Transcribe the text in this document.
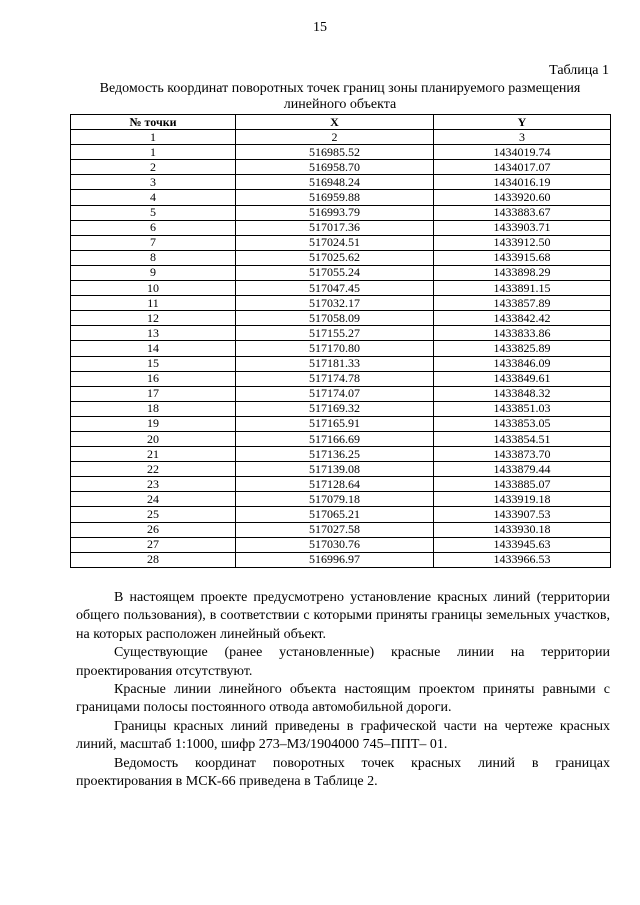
15
Таблица 1
Ведомость координат поворотных точек границ зоны планируемого размещения линейного объекта
№ точки	X	Y
1	2	3
1	516985.52	1434019.74
2	516958.70	1434017.07
3	516948.24	1434016.19
4	516959.88	1433920.60
5	516993.79	1433883.67
6	517017.36	1433903.71
7	517024.51	1433912.50
8	517025.62	1433915.68
9	517055.24	1433898.29
10	517047.45	1433891.15
11	517032.17	1433857.89
12	517058.09	1433842.42
13	517155.27	1433833.86
14	517170.80	1433825.89
15	517181.33	1433846.09
16	517174.78	1433849.61
17	517174.07	1433848.32
18	517169.32	1433851.03
19	517165.91	1433853.05
20	517166.69	1433854.51
21	517136.25	1433873.70
22	517139.08	1433879.44
23	517128.64	1433885.07
24	517079.18	1433919.18
25	517065.21	1433907.53
26	517027.58	1433930.18
27	517030.76	1433945.63
28	516996.97	1433966.53

В настоящем проекте предусмотрено установление красных линий (территории общего пользования), в соответствии с которыми приняты границы земельных участков, на которых расположен линейный объект.

Существующие (ранее установленные) красные линии на территории проектирования отсутствуют.

Красные линии линейного объекта настоящим проектом приняты равными с границами полосы постоянного отвода автомобильной дороги.

Границы красных линий приведены в графической части на чертеже красных линий, масштаб 1:1000, шифр 273–МЗ/1904000 745–ППТ– 01.

Ведомость координат поворотных точек красных линий в границах проектирования в МСК-66 приведена в Таблице 2.
